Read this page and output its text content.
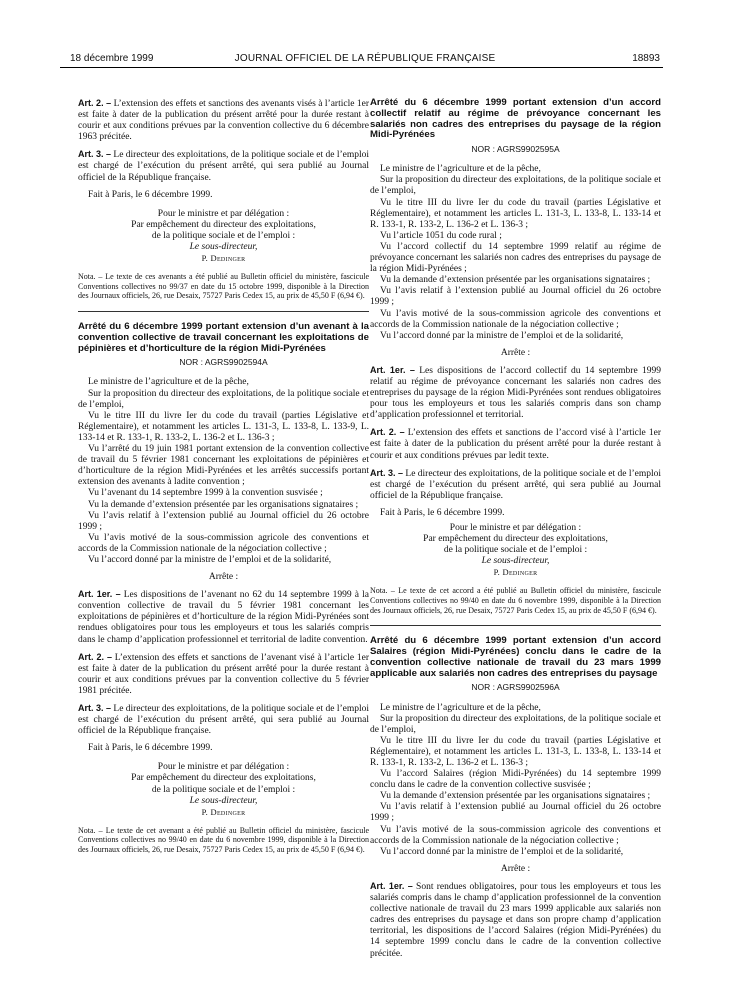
18 décembre 1999	JOURNAL OFFICIEL DE LA RÉPUBLIQUE FRANÇAISE	18893

Art. 2. – L’extension des effets et sanctions des avenants visés à l’article 1er est faite à dater de la publication du présent arrêté pour la durée restant à courir et aux conditions prévues par la convention collective du 6 décembre 1963 précitée.

Art. 3. – Le directeur des exploitations, de la politique sociale et de l’emploi est chargé de l’exécution du présent arrêté, qui sera publié au Journal officiel de la République française.

Fait à Paris, le 6 décembre 1999.

Pour le ministre et par délégation :

Par empêchement du directeur des exploitations,

de la politique sociale et de l’emploi :

Le sous-directeur,

P. Dedinger

Nota. – Le texte de ces avenants a été publié au Bulletin officiel du ministère, fascicule Conventions collectives no 99/37 en date du 15 octobre 1999, disponible à la Direction des Journaux officiels, 26, rue Desaix, 75727 Paris Cedex 15, au prix de 45,50 F (6,94 €).

Arrêté du 6 décembre 1999 portant extension d’un avenant à la convention collective de travail concernant les exploitations de pépinières et d’horticulture de la région Midi-Pyrénées

NOR : AGRS9902594A

Le ministre de l’agriculture et de la pêche,

Sur la proposition du directeur des exploitations, de la politique sociale et de l’emploi,

Vu le titre III du livre Ier du code du travail (parties Législative et Réglementaire), et notamment les articles L. 131-3, L. 133-8, L. 133-9, L. 133-14 et R. 133-1, R. 133-2, L. 136-2 et L. 136-3 ;

Vu l’arrêté du 19 juin 1981 portant extension de la convention collective de travail du 5 février 1981 concernant les exploitations de pépinières et d’horticulture de la région Midi-Pyrénées et les arrêtés successifs portant extension des avenants à ladite convention ;

Vu l’avenant du 14 septembre 1999 à la convention susvisée ;

Vu la demande d’extension présentée par les organisations signataires ;

Vu l’avis relatif à l’extension publié au Journal officiel du 26 octobre 1999 ;

Vu l’avis motivé de la sous-commission agricole des conventions et accords de la Commission nationale de la négociation collective ;

Vu l’accord donné par la ministre de l’emploi et de la solidarité,

Arrête :

Art. 1er. – Les dispositions de l’avenant no 62 du 14 septembre 1999 à la convention collective de travail du 5 février 1981 concernant les exploitations de pépinières et d’horticulture de la région Midi-Pyrénées sont rendues obligatoires pour tous les employeurs et tous les salariés compris dans le champ d’application professionnel et territorial de ladite convention.

Art. 2. – L’extension des effets et sanctions de l’avenant visé à l’article 1er est faite à dater de la publication du présent arrêté pour la durée restant à courir et aux conditions prévues par la convention collective du 5 février 1981 précitée.

Art. 3. – Le directeur des exploitations, de la politique sociale et de l’emploi est chargé de l’exécution du présent arrêté, qui sera publié au Journal officiel de la République française.

Fait à Paris, le 6 décembre 1999.

Pour le ministre et par délégation :

Par empêchement du directeur des exploitations,

de la politique sociale et de l’emploi :

Le sous-directeur,

P. Dedinger

Nota. – Le texte de cet avenant a été publié au Bulletin officiel du ministère, fascicule Conventions collectives no 99/40 en date du 6 novembre 1999, disponible à la Direction des Journaux officiels, 26, rue Desaix, 75727 Paris Cedex 15, au prix de 45,50 F (6,94 €).

Arrêté du 6 décembre 1999 portant extension d’un accord collectif relatif au régime de prévoyance concernant les salariés non cadres des entreprises du paysage de la région Midi-Pyrénées

NOR : AGRS9902595A

Le ministre de l’agriculture et de la pêche,

Sur la proposition du directeur des exploitations, de la politique sociale et de l’emploi,

Vu le titre III du livre Ier du code du travail (parties Législative et Réglementaire), et notamment les articles L. 131-3, L. 133-8, L. 133-14 et R. 133-1, R. 133-2, L. 136-2 et L. 136-3 ;

Vu l’article 1051 du code rural ;

Vu l’accord collectif du 14 septembre 1999 relatif au régime de prévoyance concernant les salariés non cadres des entreprises du paysage de la région Midi-Pyrénées ;

Vu la demande d’extension présentée par les organisations signataires ;

Vu l’avis relatif à l’extension publié au Journal officiel du 26 octobre 1999 ;

Vu l’avis motivé de la sous-commission agricole des conventions et accords de la Commission nationale de la négociation collective ;

Vu l’accord donné par la ministre de l’emploi et de la solidarité,

Arrête :

Art. 1er. – Les dispositions de l’accord collectif du 14 septembre 1999 relatif au régime de prévoyance concernant les salariés non cadres des entreprises du paysage de la région Midi-Pyrénées sont rendues obligatoires pour tous les employeurs et tous les salariés compris dans son champ d’application professionnel et territorial.

Art. 2. – L’extension des effets et sanctions de l’accord visé à l’article 1er est faite à dater de la publication du présent arrêté pour la durée restant à courir et aux conditions prévues par ledit texte.

Art. 3. – Le directeur des exploitations, de la politique sociale et de l’emploi est chargé de l’exécution du présent arrêté, qui sera publié au Journal officiel de la République française.

Fait à Paris, le 6 décembre 1999.

Pour le ministre et par délégation :

Par empêchement du directeur des exploitations,

de la politique sociale et de l’emploi :

Le sous-directeur,

P. Dedinger

Nota. – Le texte de cet accord a été publié au Bulletin officiel du ministère, fascicule Conventions collectives no 99/40 en date du 6 novembre 1999, disponible à la Direction des Journaux officiels, 26, rue Desaix, 75727 Paris Cedex 15, au prix de 45,50 F (6,94 €).

Arrêté du 6 décembre 1999 portant extension d’un accord Salaires (région Midi-Pyrénées) conclu dans le cadre de la convention collective nationale de travail du 23 mars 1999 applicable aux salariés non cadres des entreprises du paysage

NOR : AGRS9902596A

Le ministre de l’agriculture et de la pêche,

Sur la proposition du directeur des exploitations, de la politique sociale et de l’emploi,

Vu le titre III du livre Ier du code du travail (parties Législative et Réglementaire), et notamment les articles L. 131-3, L. 133-8, L. 133-14 et R. 133-1, R. 133-2, L. 136-2 et L. 136-3 ;

Vu l’accord Salaires (région Midi-Pyrénées) du 14 septembre 1999 conclu dans le cadre de la convention collective susvisée ;

Vu la demande d’extension présentée par les organisations signataires ;

Vu l’avis relatif à l’extension publié au Journal officiel du 26 octobre 1999 ;

Vu l’avis motivé de la sous-commission agricole des conventions et accords de la Commission nationale de la négociation collective ;

Vu l’accord donné par la ministre de l’emploi et de la solidarité,

Arrête :

Art. 1er. – Sont rendues obligatoires, pour tous les employeurs et tous les salariés compris dans le champ d’application professionnel de la convention collective nationale de travail du 23 mars 1999 applicable aux salariés non cadres des entreprises du paysage et dans son propre champ d’application territorial, les dispositions de l’accord Salaires (région Midi-Pyrénées) du 14 septembre 1999 conclu dans le cadre de la convention collective précitée.
